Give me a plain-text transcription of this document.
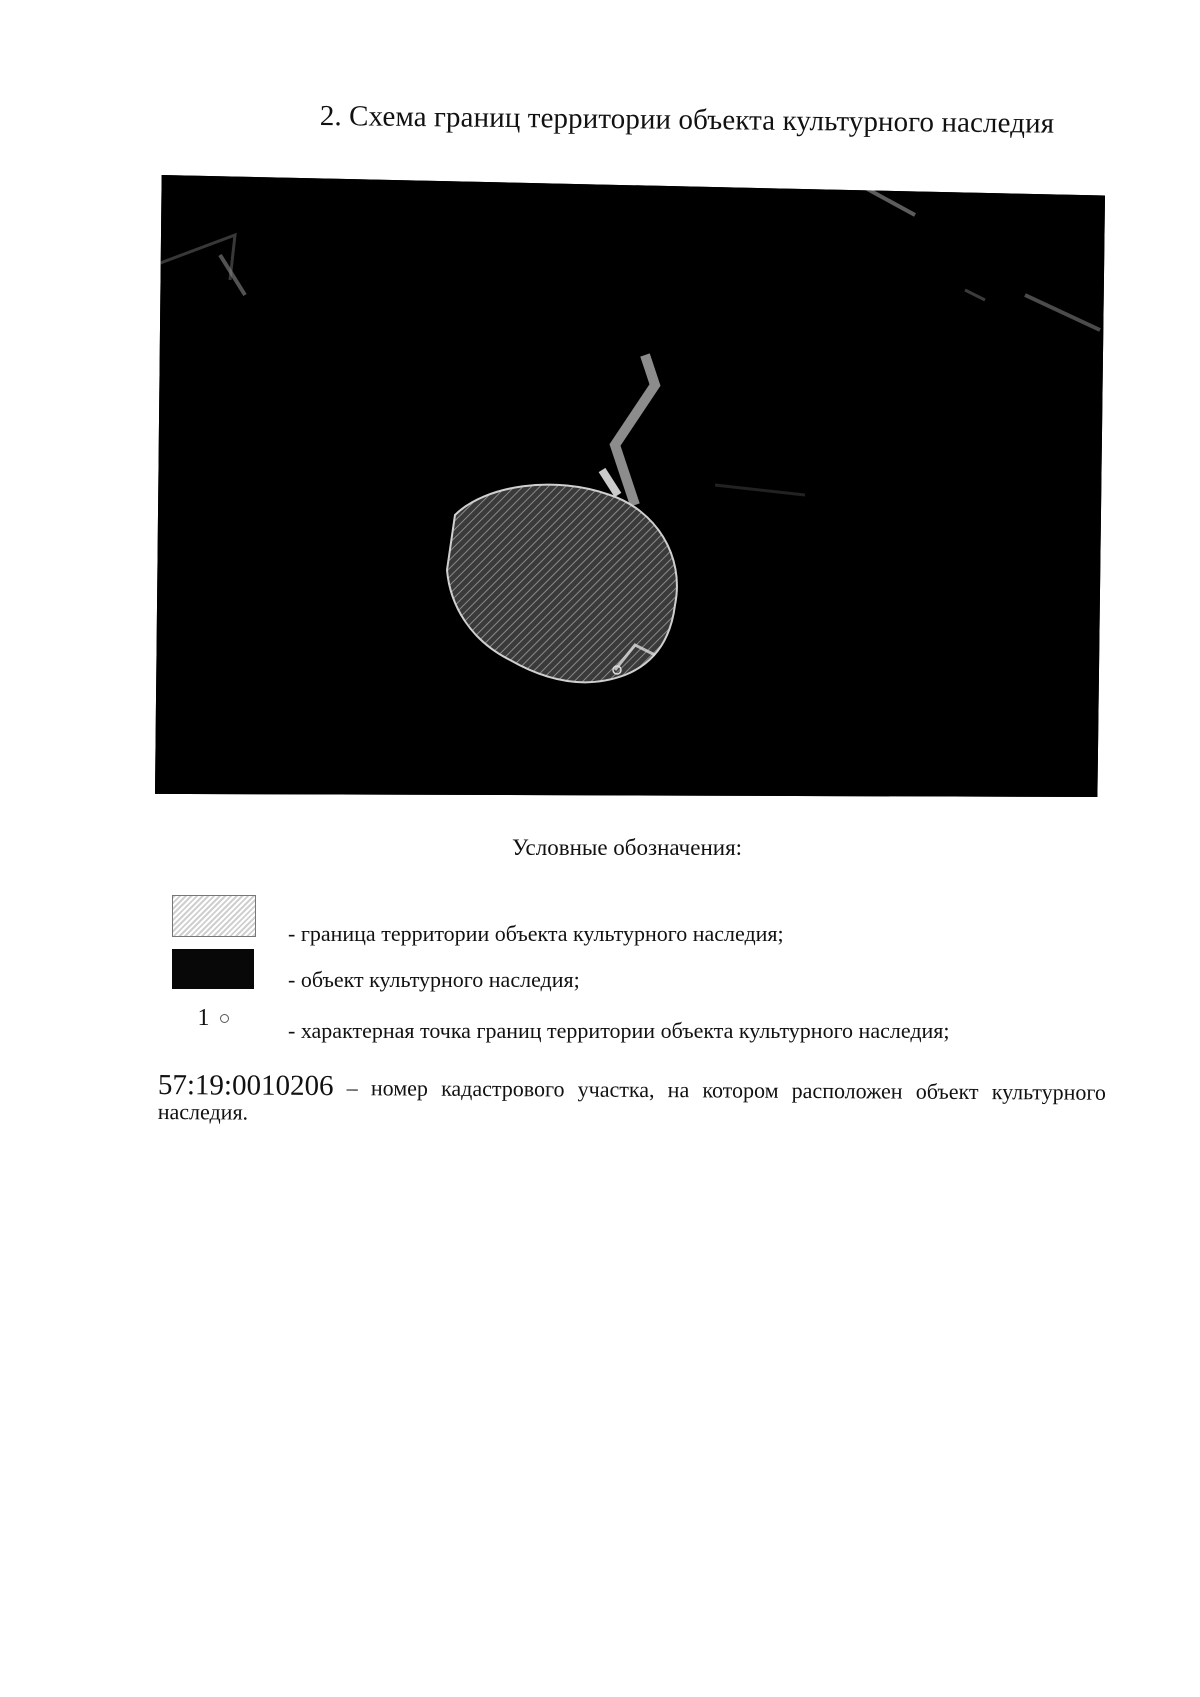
2. Схема границ территории объекта культурного наследия
Условные обозначения:
- граница территории объекта культурного наследия;
- объект культурного наследия;
1	- характерная точка границ территории объекта культурного наследия;
57:19:0010206 – номер кадастрового участка, на котором расположен объект культурного наследия.
